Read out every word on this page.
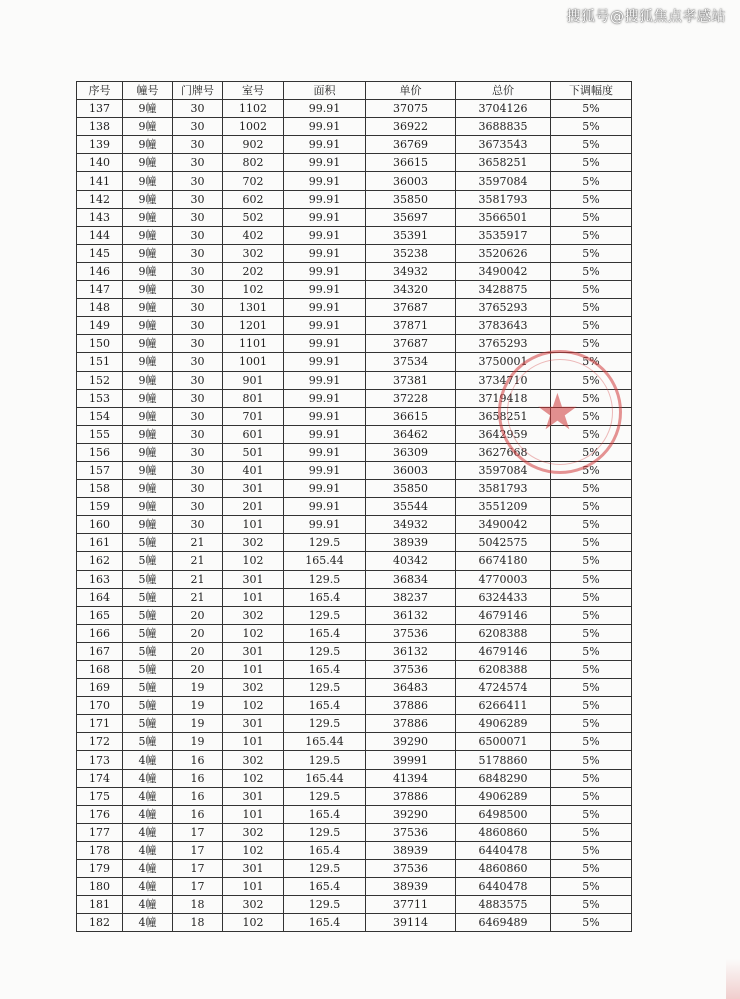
搜狐号@搜狐焦点孝感站
序号	幢号	门牌号	室号	面积	单价	总价	下调幅度
137	9幢	30	1102	99.91	37075	3704126	5%
138	9幢	30	1002	99.91	36922	3688835	5%
139	9幢	30	902	99.91	36769	3673543	5%
140	9幢	30	802	99.91	36615	3658251	5%
141	9幢	30	702	99.91	36003	3597084	5%
142	9幢	30	602	99.91	35850	3581793	5%
143	9幢	30	502	99.91	35697	3566501	5%
144	9幢	30	402	99.91	35391	3535917	5%
145	9幢	30	302	99.91	35238	3520626	5%
146	9幢	30	202	99.91	34932	3490042	5%
147	9幢	30	102	99.91	34320	3428875	5%
148	9幢	30	1301	99.91	37687	3765293	5%
149	9幢	30	1201	99.91	37871	3783643	5%
150	9幢	30	1101	99.91	37687	3765293	5%
151	9幢	30	1001	99.91	37534	3750001	5%
152	9幢	30	901	99.91	37381	3734710	5%
153	9幢	30	801	99.91	37228	3719418	5%
154	9幢	30	701	99.91	36615	3658251	5%
155	9幢	30	601	99.91	36462	3642959	5%
156	9幢	30	501	99.91	36309	3627668	5%
157	9幢	30	401	99.91	36003	3597084	5%
158	9幢	30	301	99.91	35850	3581793	5%
159	9幢	30	201	99.91	35544	3551209	5%
160	9幢	30	101	99.91	34932	3490042	5%
161	5幢	21	302	129.5	38939	5042575	5%
162	5幢	21	102	165.44	40342	6674180	5%
163	5幢	21	301	129.5	36834	4770003	5%
164	5幢	21	101	165.4	38237	6324433	5%
165	5幢	20	302	129.5	36132	4679146	5%
166	5幢	20	102	165.4	37536	6208388	5%
167	5幢	20	301	129.5	36132	4679146	5%
168	5幢	20	101	165.4	37536	6208388	5%
169	5幢	19	302	129.5	36483	4724574	5%
170	5幢	19	102	165.4	37886	6266411	5%
171	5幢	19	301	129.5	37886	4906289	5%
172	5幢	19	101	165.44	39290	6500071	5%
173	4幢	16	302	129.5	39991	5178860	5%
174	4幢	16	102	165.44	41394	6848290	5%
175	4幢	16	301	129.5	37886	4906289	5%
176	4幢	16	101	165.4	39290	6498500	5%
177	4幢	17	302	129.5	37536	4860860	5%
178	4幢	17	102	165.4	38939	6440478	5%
179	4幢	17	301	129.5	37536	4860860	5%
180	4幢	17	101	165.4	38939	6440478	5%
181	4幢	18	302	129.5	37711	4883575	5%
182	4幢	18	102	165.4	39114	6469489	5%
★
